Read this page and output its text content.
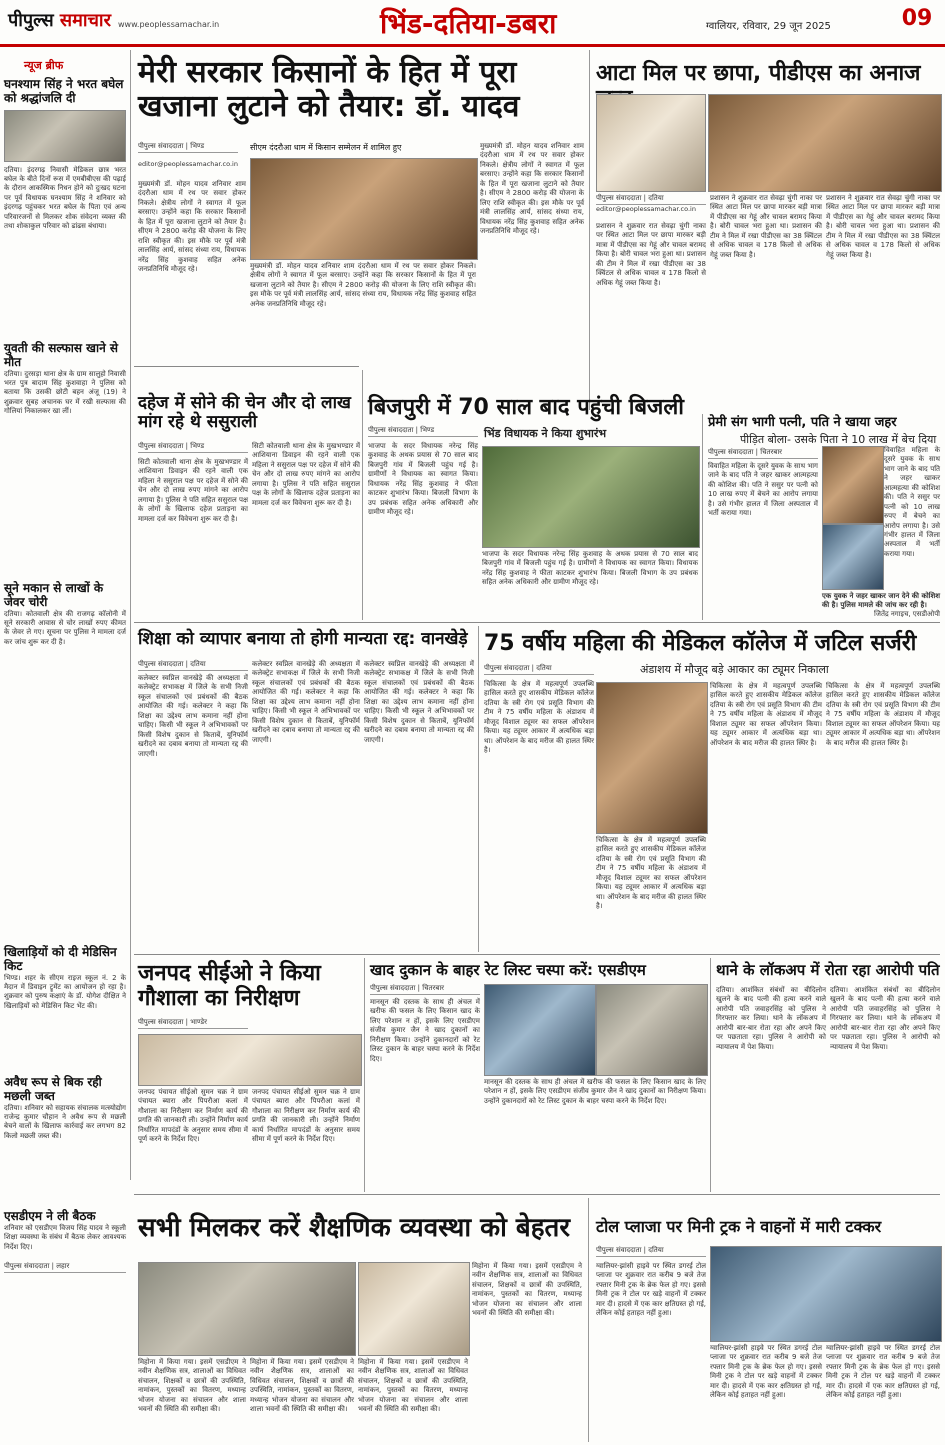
पीपुल्स समाचार www.peoplessamachar.in	भिंड-दतिया-डबरा	ग्वालियर, रविवार, 29 जून 2025	09
न्यूज ब्रीफ
घनश्याम सिंह ने भरत बघेल को श्रद्धांजलि दी
दतिया। इंदरगढ़ निवासी मेडिकल छात्र भरत बघेल के बीते दिनों रूस में एमबीबीएस की पढ़ाई के दौरान आकस्मिक निधन होने को दुःखद घटना पर पूर्व विधायक घनश्याम सिंह ने शनिवार को इंदरगढ़ पहुंचकर भरत बघेल के पिता एवं अन्य परिवारजनों से मिलकर शोक संवेदना व्यक्त की तथा शोकाकुल परिवार को ढांढस बंधाया।
युवती की सल्फास खाने से मौत
दतिया। दुरसड़ा थाना क्षेत्र के ग्राम सालुहो निवासी भरत पुत्र बादाम सिंह कुशवाहा ने पुलिस को बताया कि उसकी छोटी बहन अंजू (19) ने शुक्रवार सुबह अचानक घर में रखी सल्फास की गोलियां निकालकर खा लीं।
सूने मकान से लाखों के जेवर चोरी
दतिया। कोतवाली क्षेत्र की राजगढ़ कॉलोनी में सूने सरकारी आवास से चोर लाखों रुपए कीमत के जेवर ले गए। सूचना पर पुलिस ने मामला दर्ज कर जांच शुरू कर दी है।
खिलाड़ियों को दी मेडिसिन किट
भिण्ड। शहर के सीएम राइज स्कूल नं. 2 के मैदान में डिवाइन ट्रूमेंट का आयोजन हो रहा है। शुक्रवार को पुरुष कक्षाएं के डॉ. योगेश दीक्षित ने खिलाड़ियों को मेडिसिन किट भेंट की।
अवैध रूप से बिक रही मछली जब्त
दतिया। शनिवार को सहायक संचालक मत्स्योद्योग राजेन्द्र कुमार चौहान ने अवैध रूप से मछली बेचने वालों के खिलाफ कार्रवाई कर लगभग 82 किलो मछली जब्त की।
एसडीएम ने ली बैठक
शनिवार को एसडीएम विजय सिंह यादव ने स्कूली शिक्षा व्यवस्था के संबंध में बैठक लेकर आवश्यक निर्देश दिए।
मेरी सरकार किसानों के हित में पूरा खजाना लुटाने को तैयार: डॉ. यादव
पीपुल्स संवाददाता | भिण्ड
editor@peoplessamachar.co.in
सीएम दंदरौआ धाम में किसान सम्मेलन में शामिल हुए
मुख्यमंत्री डॉ. मोहन यादव शनिवार शाम दंदरौआ धाम में रथ पर सवार होकर निकले। क्षेत्रीय लोगों ने स्वागत में फूल बरसाए। उन्होंने कहा कि सरकार किसानों के हित में पूरा खजाना लुटाने को तैयार है। सीएम ने 2800 करोड़ की योजना के लिए राशि स्वीकृत की। इस मौके पर पूर्व मंत्री लालसिंह आर्य, सांसद संध्या राय, विधायक नरेंद्र सिंह कुशवाह सहित अनेक जनप्रतिनिधि मौजूद रहे।	मुख्यमंत्री डॉ. मोहन यादव शनिवार शाम दंदरौआ धाम में रथ पर सवार होकर निकले। क्षेत्रीय लोगों ने स्वागत में फूल बरसाए। उन्होंने कहा कि सरकार किसानों के हित में पूरा खजाना लुटाने को तैयार है। सीएम ने 2800 करोड़ की योजना के लिए राशि स्वीकृत की। इस मौके पर पूर्व मंत्री लालसिंह आर्य, सांसद संध्या राय, विधायक नरेंद्र सिंह कुशवाह सहित अनेक जनप्रतिनिधि मौजूद रहे।
मुख्यमंत्री डॉ. मोहन यादव शनिवार शाम दंदरौआ धाम में रथ पर सवार होकर निकले। क्षेत्रीय लोगों ने स्वागत में फूल बरसाए। उन्होंने कहा कि सरकार किसानों के हित में पूरा खजाना लुटाने को तैयार है। सीएम ने 2800 करोड़ की योजना के लिए राशि स्वीकृत की। इस मौके पर पूर्व मंत्री लालसिंह आर्य, सांसद संध्या राय, विधायक नरेंद्र सिंह कुशवाह सहित अनेक जनप्रतिनिधि मौजूद रहे।
आटा मिल पर छापा, पीडीएस का अनाज
पीपुल्स संवाददाता | दतिया
editor@peoplessamachar.co.in
प्रशासन ने शुक्रवार रात सेवढ़ा चुंगी नाका पर स्थित आटा मिल पर छापा मारकर बड़ी मात्रा में पीडीएस का गेहूं और चावल बरामद किया है। बोरी चावल भरा हुआ था। प्रशासन की टीम ने मिल में रखा पीडीएस का 38 क्विंटल से अधिक चावल व 178 किलो से अधिक गेहूं जब्त किया है।
प्रशासन ने शुक्रवार रात सेवढ़ा चुंगी नाका पर स्थित आटा मिल पर छापा मारकर बड़ी मात्रा में पीडीएस का गेहूं और चावल बरामद किया है। बोरी चावल भरा हुआ था। प्रशासन की टीम ने मिल में रखा पीडीएस का 38 क्विंटल से अधिक चावल व 178 किलो से अधिक गेहूं जब्त किया है।
प्रशासन ने शुक्रवार रात सेवढ़ा चुंगी नाका पर स्थित आटा मिल पर छापा मारकर बड़ी मात्रा में पीडीएस का गेहूं और चावल बरामद किया है। बोरी चावल भरा हुआ था। प्रशासन की टीम ने मिल में रखा पीडीएस का 38 क्विंटल से अधिक चावल व 178 किलो से अधिक गेहूं जब्त किया है।
दहेज में सोने की चेन और दो लाख मांग रहे थे ससुराली
पीपुल्स संवाददाता | भिण्ड
सिटी कोतवाली थाना क्षेत्र के मुखभण्डार में आशियाना डिवाइन की रहने वाली एक महिला ने ससुराल पक्ष पर दहेज में सोने की चेन और दो लाख रुपए मांगने का आरोप लगाया है। पुलिस ने पति सहित ससुराल पक्ष के लोगों के खिलाफ दहेज प्रताड़ना का मामला दर्ज कर विवेचना शुरू कर दी है।
सिटी कोतवाली थाना क्षेत्र के मुखभण्डार में आशियाना डिवाइन की रहने वाली एक महिला ने ससुराल पक्ष पर दहेज में सोने की चेन और दो लाख रुपए मांगने का आरोप लगाया है। पुलिस ने पति सहित ससुराल पक्ष के लोगों के खिलाफ दहेज प्रताड़ना का मामला दर्ज कर विवेचना शुरू कर दी है।
बिजपुरी में 70 साल बाद पहुंची बिजली
पीपुल्स संवाददाता | भिण्ड	भिंड विधायक ने किया शुभारंभ
भाजपा के सदर विधायक नरेन्द्र सिंह कुशवाह के अथक प्रयास से 70 साल बाद बिजपुरी गांव में बिजली पहुंच गई है। ग्रामीणों ने विधायक का स्वागत किया। विधायक नरेंद्र सिंह कुशवाह ने फीता काटकर शुभारंभ किया। बिजली विभाग के उप प्रबंधक सहित अनेक अधिकारी और ग्रामीण मौजूद रहे।
भाजपा के सदर विधायक नरेन्द्र सिंह कुशवाह के अथक प्रयास से 70 साल बाद बिजपुरी गांव में बिजली पहुंच गई है। ग्रामीणों ने विधायक का स्वागत किया। विधायक नरेंद्र सिंह कुशवाह ने फीता काटकर शुभारंभ किया। बिजली विभाग के उप प्रबंधक सहित अनेक अधिकारी और ग्रामीण मौजूद रहे।
प्रेमी संग भागी पत्नी, पति ने खाया जहर
पीड़ित बोला- उसके पिता ने 10 लाख में बेच दिया
पीपुल्स संवाददाता | चितरबार
विवाहित महिला के दूसरे युवक के साथ भाग जाने के बाद पति ने जहर खाकर आत्महत्या की कोशिश की। पति ने ससुर पर पत्नी को 10 लाख रुपए में बेचने का आरोप लगाया है। उसे गंभीर हालत में जिला अस्पताल में भर्ती कराया गया।
विवाहित महिला के दूसरे युवक के साथ भाग जाने के बाद पति ने जहर खाकर आत्महत्या की कोशिश की। पति ने ससुर पर पत्नी को 10 लाख रुपए में बेचने का आरोप लगाया है। उसे गंभीर हालत में जिला अस्पताल में भर्ती कराया गया।
एक युवक ने जहर खाकर जान देने की कोशिश की है। पुलिस मामले की जांच कर रही है।
जितेंद्र नगाइच, एसडीओपी
शिक्षा को व्यापार बनाया तो होगी मान्यता रद्द: वानखेड़े
पीपुल्स संवाददाता | दतिया
कलेक्टर स्वप्निल वानखेड़े की अध्यक्षता में कलेक्ट्रेट सभाकक्ष में जिले के सभी निजी स्कूल संचालकों एवं प्रबंधकों की बैठक आयोजित की गई। कलेक्टर ने कहा कि शिक्षा का उद्देश्य लाभ कमाना नहीं होना चाहिए। किसी भी स्कूल ने अभिभावकों पर किसी विशेष दुकान से किताबें, यूनिफॉर्म खरीदने का दबाव बनाया तो मान्यता रद्द की जाएगी।
कलेक्टर स्वप्निल वानखेड़े की अध्यक्षता में कलेक्ट्रेट सभाकक्ष में जिले के सभी निजी स्कूल संचालकों एवं प्रबंधकों की बैठक आयोजित की गई। कलेक्टर ने कहा कि शिक्षा का उद्देश्य लाभ कमाना नहीं होना चाहिए। किसी भी स्कूल ने अभिभावकों पर किसी विशेष दुकान से किताबें, यूनिफॉर्म खरीदने का दबाव बनाया तो मान्यता रद्द की जाएगी।
कलेक्टर स्वप्निल वानखेड़े की अध्यक्षता में कलेक्ट्रेट सभाकक्ष में जिले के सभी निजी स्कूल संचालकों एवं प्रबंधकों की बैठक आयोजित की गई। कलेक्टर ने कहा कि शिक्षा का उद्देश्य लाभ कमाना नहीं होना चाहिए। किसी भी स्कूल ने अभिभावकों पर किसी विशेष दुकान से किताबें, यूनिफॉर्म खरीदने का दबाव बनाया तो मान्यता रद्द की जाएगी।
75 वर्षीय महिला की मेडिकल कॉलेज में जटिल सर्जरी
अंडाशय में मौजूद बड़े आकार का ट्यूमर निकाला
पीपुल्स संवाददाता | दतिया
चिकित्सा के क्षेत्र में महत्वपूर्ण उपलब्धि हासिल करते हुए शासकीय मेडिकल कॉलेज दतिया के स्त्री रोग एवं प्रसूति विभाग की टीम ने 75 वर्षीय महिला के अंडाशय में मौजूद विशाल ट्यूमर का सफल ऑपरेशन किया। यह ट्यूमर आकार में अत्यधिक बड़ा था। ऑपरेशन के बाद मरीज की हालत स्थिर है।
चिकित्सा के क्षेत्र में महत्वपूर्ण उपलब्धि हासिल करते हुए शासकीय मेडिकल कॉलेज दतिया के स्त्री रोग एवं प्रसूति विभाग की टीम ने 75 वर्षीय महिला के अंडाशय में मौजूद विशाल ट्यूमर का सफल ऑपरेशन किया। यह ट्यूमर आकार में अत्यधिक बड़ा था। ऑपरेशन के बाद मरीज की हालत स्थिर है।
चिकित्सा के क्षेत्र में महत्वपूर्ण उपलब्धि हासिल करते हुए शासकीय मेडिकल कॉलेज दतिया के स्त्री रोग एवं प्रसूति विभाग की टीम ने 75 वर्षीय महिला के अंडाशय में मौजूद विशाल ट्यूमर का सफल ऑपरेशन किया। यह ट्यूमर आकार में अत्यधिक बड़ा था। ऑपरेशन के बाद मरीज की हालत स्थिर है।
चिकित्सा के क्षेत्र में महत्वपूर्ण उपलब्धि हासिल करते हुए शासकीय मेडिकल कॉलेज दतिया के स्त्री रोग एवं प्रसूति विभाग की टीम ने 75 वर्षीय महिला के अंडाशय में मौजूद विशाल ट्यूमर का सफल ऑपरेशन किया। यह ट्यूमर आकार में अत्यधिक बड़ा था। ऑपरेशन के बाद मरीज की हालत स्थिर है।
जनपद सीईओ ने किया गौशाला का निरीक्षण
पीपुल्स संवाददाता | भाण्डेर
जनपद पंचायत सीईओ सुमन चक्र ने ग्राम पंचायत ब्यारा और पिपरौआ कलां में गौशाला का निरीक्षण कर निर्माण कार्य की प्रगति की जानकारी ली। उन्होंने निर्माण कार्य निर्धारित मापदंडों के अनुसार समय सीमा में पूर्ण करने के निर्देश दिए।
जनपद पंचायत सीईओ सुमन चक्र ने ग्राम पंचायत ब्यारा और पिपरौआ कलां में गौशाला का निरीक्षण कर निर्माण कार्य की प्रगति की जानकारी ली। उन्होंने निर्माण कार्य निर्धारित मापदंडों के अनुसार समय सीमा में पूर्ण करने के निर्देश दिए।
खाद दुकान के बाहर रेट लिस्ट चस्पा करें: एसडीएम
पीपुल्स संवाददाता | चितरबार
मानसून की दस्तक के साथ ही अंचल में खरीफ की फसल के लिए किसान खाद के लिए परेशान न हों, इसके लिए एसडीएम संजीव कुमार जैन ने खाद दुकानों का निरीक्षण किया। उन्होंने दुकानदारों को रेट लिस्ट दुकान के बाहर चस्पा करने के निर्देश दिए।
मानसून की दस्तक के साथ ही अंचल में खरीफ की फसल के लिए किसान खाद के लिए परेशान न हों, इसके लिए एसडीएम संजीव कुमार जैन ने खाद दुकानों का निरीक्षण किया। उन्होंने दुकानदारों को रेट लिस्ट दुकान के बाहर चस्पा करने के निर्देश दिए।
थाने के लॉकअप में रोता रहा आरोपी पति
दतिया। आशंकित संबंधों का बीदिलोन खुलने के बाद पत्नी की हत्या करने वाले आरोपी पति जवाहरसिंह को पुलिस ने गिरफ्तार कर लिया। थाने के लॉकअप में आरोपी बार-बार रोता रहा और अपने किए पर पछताता रहा। पुलिस ने आरोपी को न्यायालय में पेश किया।
दतिया। आशंकित संबंधों का बीदिलोन खुलने के बाद पत्नी की हत्या करने वाले आरोपी पति जवाहरसिंह को पुलिस ने गिरफ्तार कर लिया। थाने के लॉकअप में आरोपी बार-बार रोता रहा और अपने किए पर पछताता रहा। पुलिस ने आरोपी को न्यायालय में पेश किया।
सभी मिलकर करें शैक्षणिक व्यवस्था को बेहतर
पीपुल्स संवाददाता | लहार	मिहोना में किया गया। इसमें एसडीएम ने नवीन शैक्षणिक सत्र, शालाओं का विधिवत संचालन, शिक्षकों व छात्रों की उपस्थिति, नामांकन, पुस्तकों का वितरण, मध्यान्ह भोजन योजना का संचालन और शाला भवनों की स्थिति की समीक्षा की।
मिहोना में किया गया। इसमें एसडीएम ने नवीन शैक्षणिक सत्र, शालाओं का विधिवत संचालन, शिक्षकों व छात्रों की उपस्थिति, नामांकन, पुस्तकों का वितरण, मध्यान्ह भोजन योजना का संचालन और शाला भवनों की स्थिति की समीक्षा की।
मिहोना में किया गया। इसमें एसडीएम ने नवीन शैक्षणिक सत्र, शालाओं का विधिवत संचालन, शिक्षकों व छात्रों की उपस्थिति, नामांकन, पुस्तकों का वितरण, मध्यान्ह भोजन योजना का संचालन और शाला भवनों की स्थिति की समीक्षा की।
मिहोना में किया गया। इसमें एसडीएम ने नवीन शैक्षणिक सत्र, शालाओं का विधिवत संचालन, शिक्षकों व छात्रों की उपस्थिति, नामांकन, पुस्तकों का वितरण, मध्यान्ह भोजन योजना का संचालन और शाला भवनों की स्थिति की समीक्षा की।
टोल प्लाजा पर मिनी ट्रक ने वाहनों में मारी टक्कर
पीपुल्स संवाददाता | दतिया
ग्वालियर-झांसी हाइवे पर स्थित डगरई टोल प्लाजा पर शुक्रवार रात करीब 9 बजे तेज रफ्तार मिनी ट्रक के ब्रेक फेल हो गए। इससे मिनी ट्रक ने टोल पर खड़े वाहनों में टक्कर मार दी। हादसे में एक कार क्षतिग्रस्त हो गई, लेकिन कोई हताहत नहीं हुआ।
ग्वालियर-झांसी हाइवे पर स्थित डगरई टोल प्लाजा पर शुक्रवार रात करीब 9 बजे तेज रफ्तार मिनी ट्रक के ब्रेक फेल हो गए। इससे मिनी ट्रक ने टोल पर खड़े वाहनों में टक्कर मार दी। हादसे में एक कार क्षतिग्रस्त हो गई, लेकिन कोई हताहत नहीं हुआ।
ग्वालियर-झांसी हाइवे पर स्थित डगरई टोल प्लाजा पर शुक्रवार रात करीब 9 बजे तेज रफ्तार मिनी ट्रक के ब्रेक फेल हो गए। इससे मिनी ट्रक ने टोल पर खड़े वाहनों में टक्कर मार दी। हादसे में एक कार क्षतिग्रस्त हो गई, लेकिन कोई हताहत नहीं हुआ।
